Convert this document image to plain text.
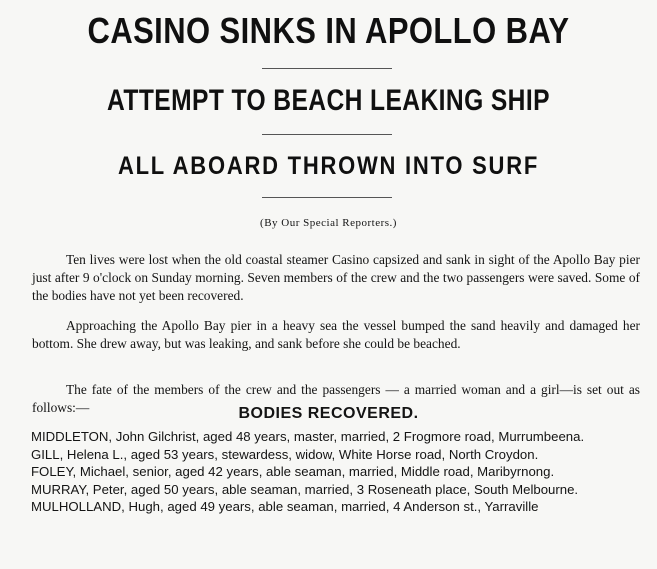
CASINO SINKS IN APOLLO BAY
ATTEMPT TO BEACH LEAKING SHIP
ALL ABOARD THROWN INTO SURF
(By Our Special Reporters.)

Ten lives were lost when the old coastal steamer Casino capsized and sank in sight of the Apollo Bay pier just after 9 o'clock on Sunday morning. Seven members of the crew and the two passengers were saved. Some of the bodies have not yet been recovered.

Approaching the Apollo Bay pier in a heavy sea the vessel bumped the sand heavily and damaged her bottom. She drew away, but was leaking, and sank before she could be beached.

The fate of the members of the crew and the passengers — a married woman and a girl—is set out as follows:—	BODIES RECOVERED.
MIDDLETON, John Gilchrist, aged 48 years, master, married, 2 Frogmore road, Murrumbeena.
GILL, Helena L., aged 53 years, stewardess, widow, White Horse road, North Croydon.
FOLEY, Michael, senior, aged 42 years, able seaman, married, Middle road, Maribyrnong.
MURRAY, Peter, aged 50 years, able seaman, married, 3 Roseneath place, South Melbourne.
MULHOLLAND, Hugh, aged 49 years, able seaman, married, 4 Anderson st., Yarraville
